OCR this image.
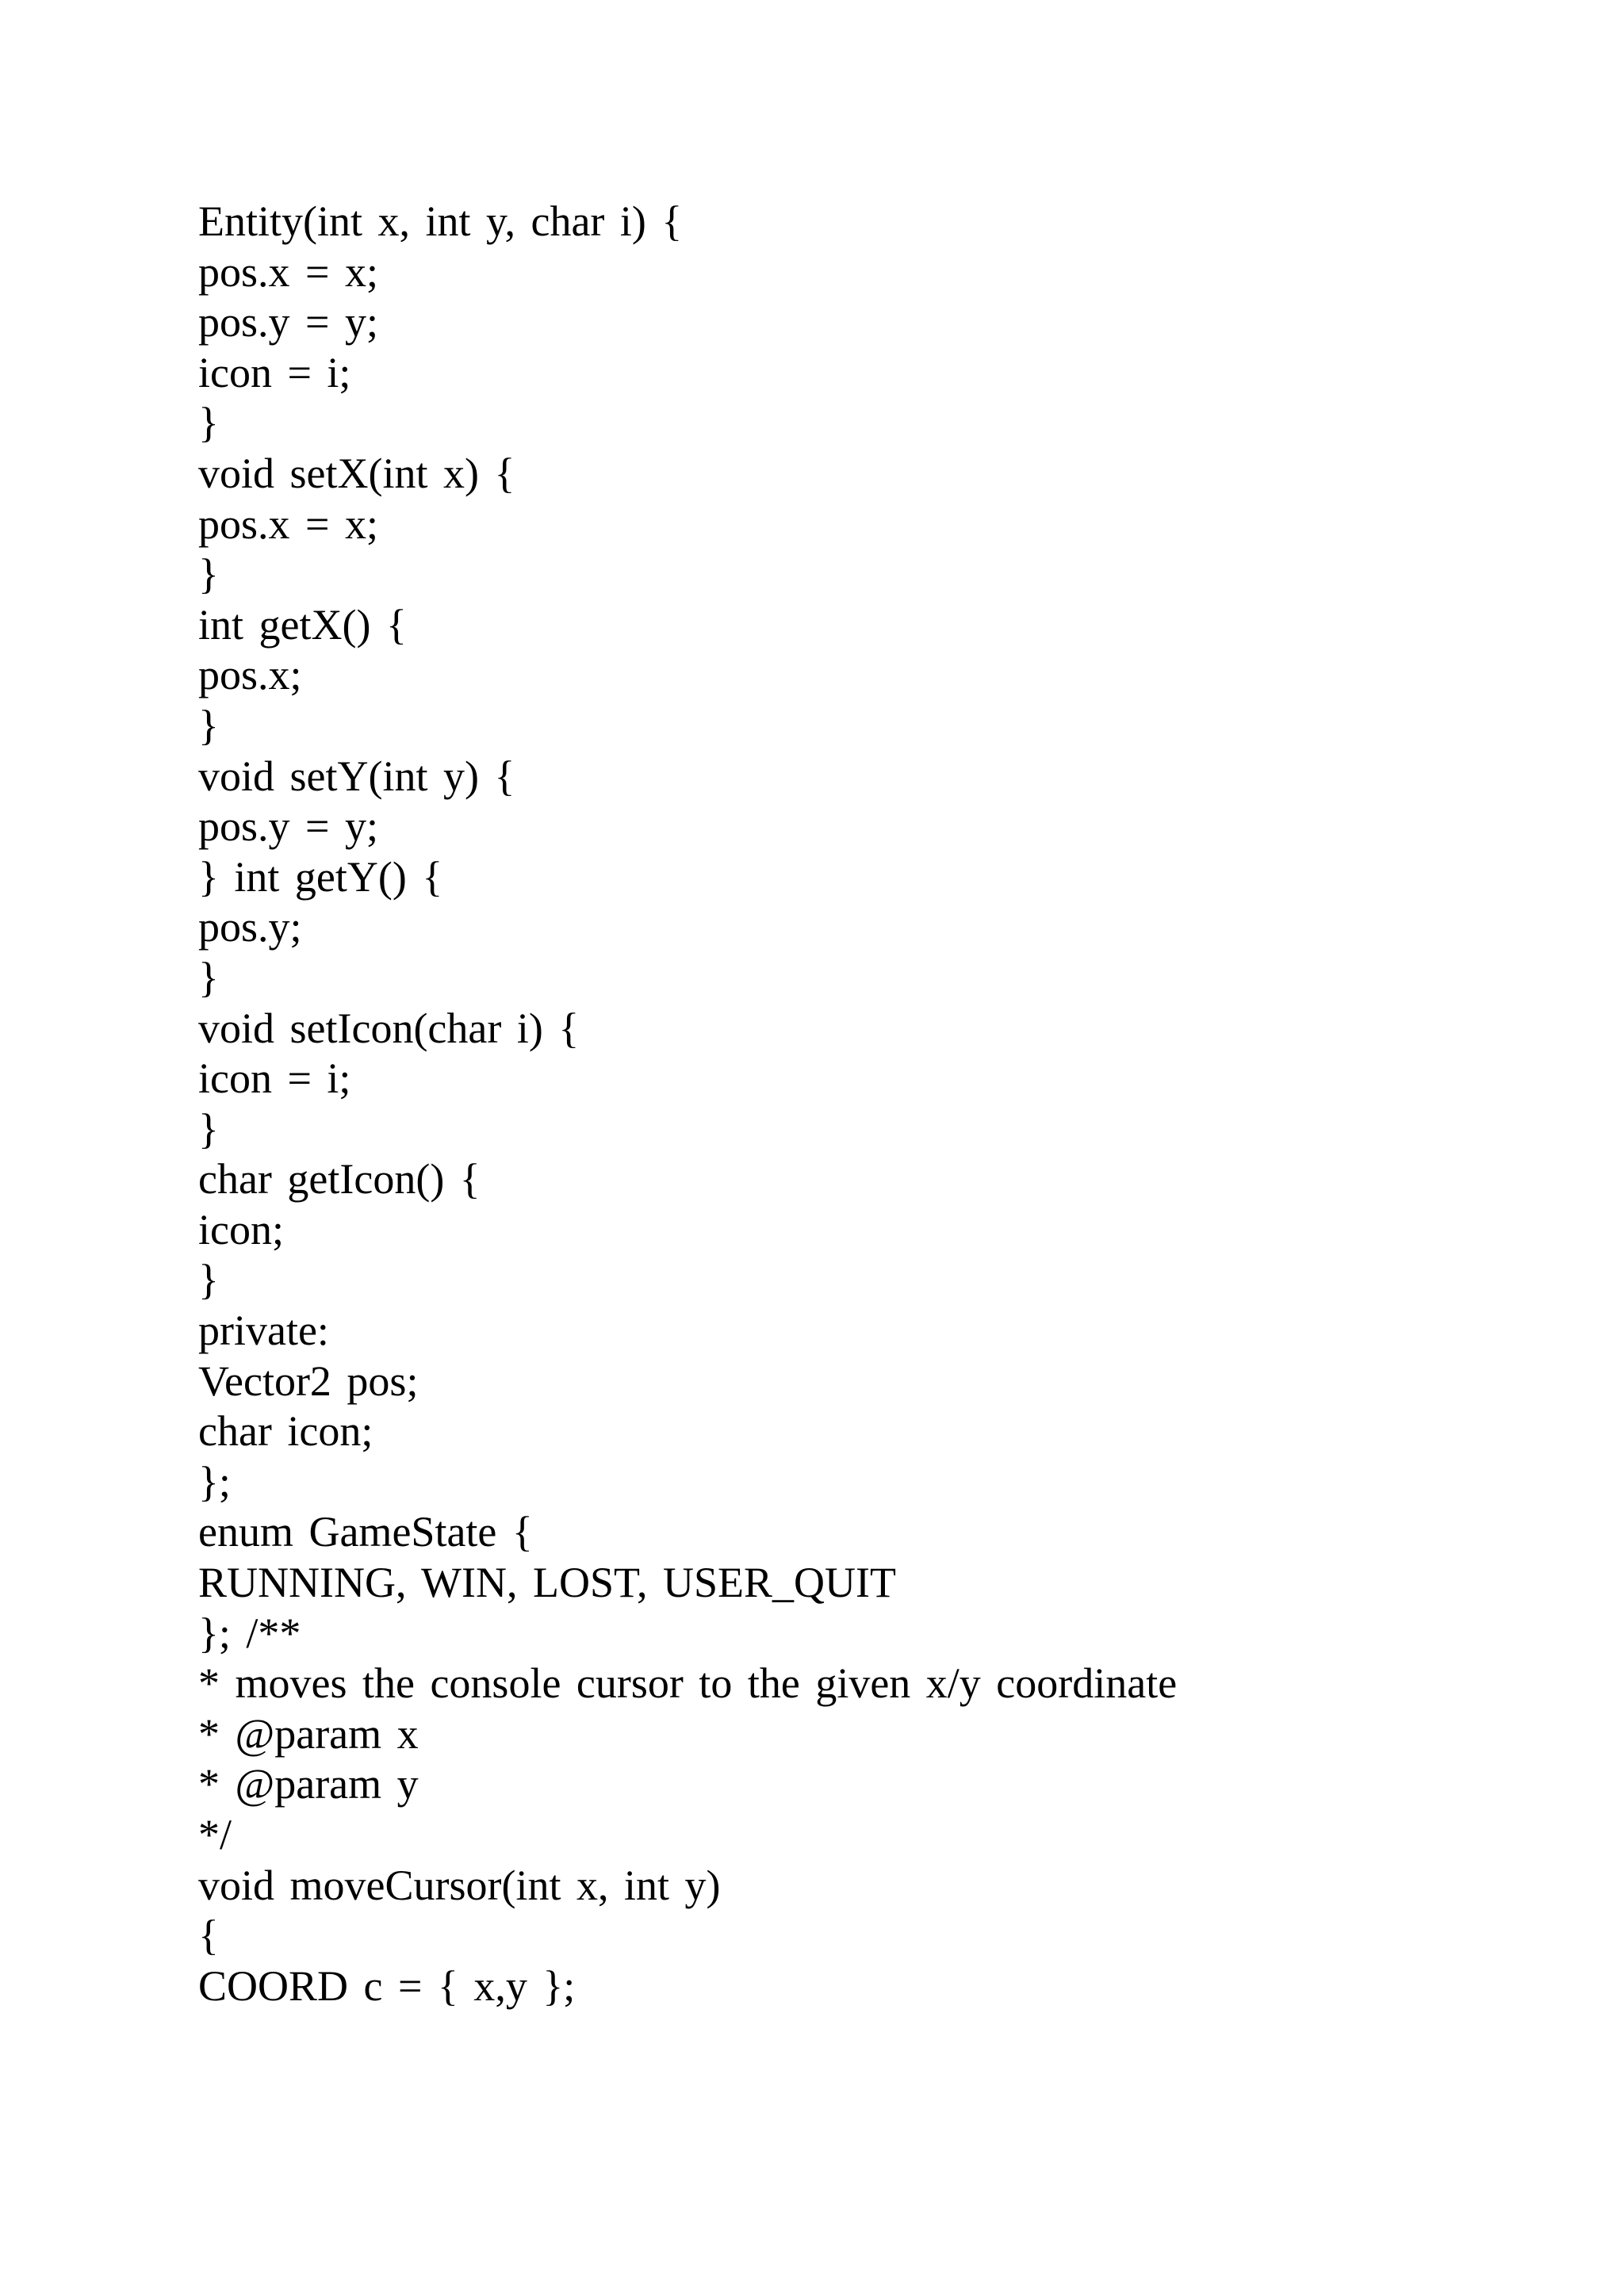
Entity(int x, int y, char i) {
pos.x = x;
pos.y = y;
icon = i;
}
void setX(int x) {
pos.x = x;
}
int getX() {
pos.x;
}
void setY(int y) {
pos.y = y;
} int getY() {
pos.y;
}
void setIcon(char i) {
icon = i;
}
char getIcon() {
icon;
}
private:
Vector2 pos;
char icon;
};
enum GameState {
RUNNING, WIN, LOST, USER_QUIT
}; /**
* moves the console cursor to the given x/y coordinate
* @param x
* @param y
*/
void moveCursor(int x, int y)
{
COORD c = { x,y };
